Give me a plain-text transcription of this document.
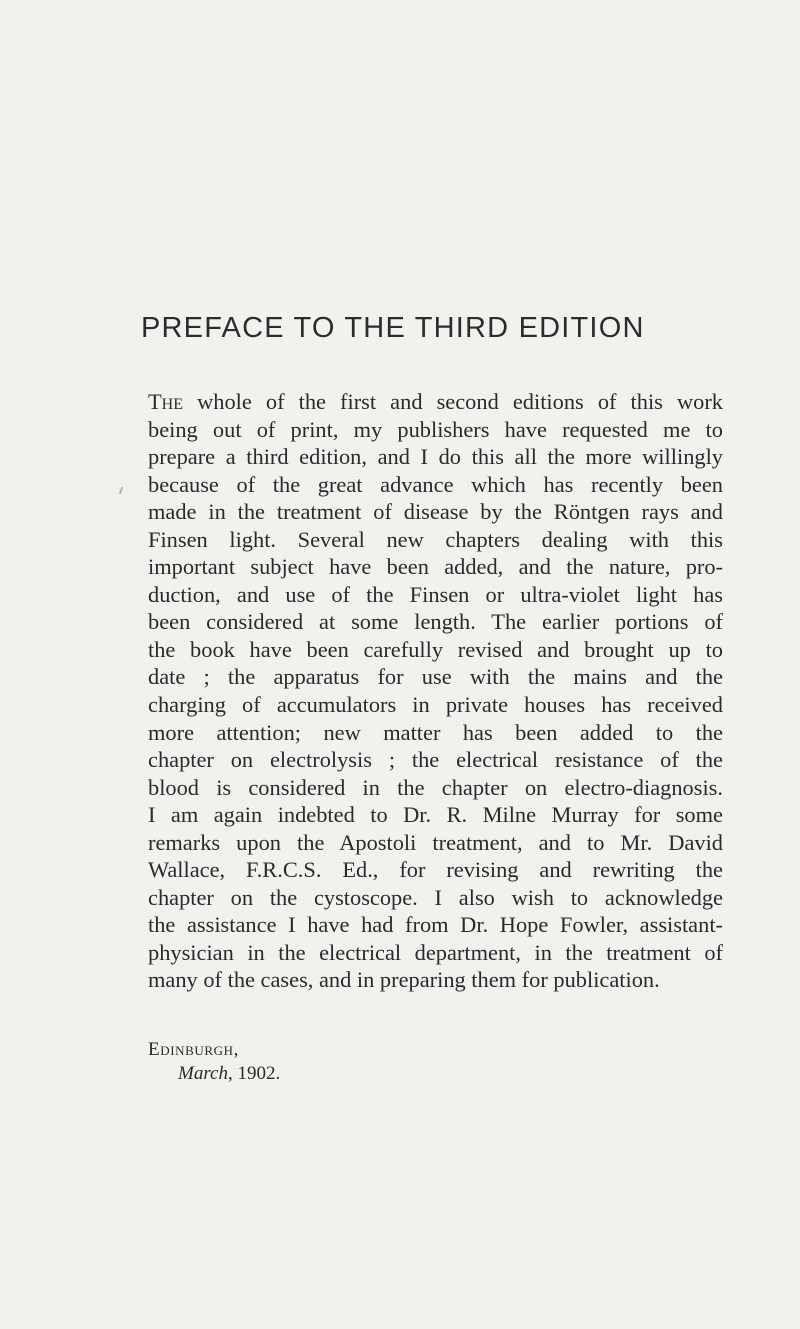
PREFACE TO THE THIRD EDITION

The whole of the first and second editions of this work
being out of print, my publishers have requested me to
prepare a third edition, and I do this all the more willingly
because of the great advance which has recently been
made in the treatment of disease by the Röntgen rays and
Finsen light. Several new chapters dealing with this
important subject have been added, and the nature, pro-
duction, and use of the Finsen or ultra-violet light has
been considered at some length. The earlier portions of
the book have been carefully revised and brought up to
date ; the apparatus for use with the mains and the
charging of accumulators in private houses has received
more attention; new matter has been added to the
chapter on electrolysis ; the electrical resistance of the
blood is considered in the chapter on electro-diagnosis.
I am again indebted to Dr. R. Milne Murray for some
remarks upon the Apostoli treatment, and to Mr. David
Wallace, F.R.C.S. Ed., for revising and rewriting the
chapter on the cystoscope. I also wish to acknowledge
the assistance I have had from Dr. Hope Fowler, assistant-
physician in the electrical department, in the treatment of
many of the cases, and in preparing them for publication.

Edinburgh,
March, 1902.
